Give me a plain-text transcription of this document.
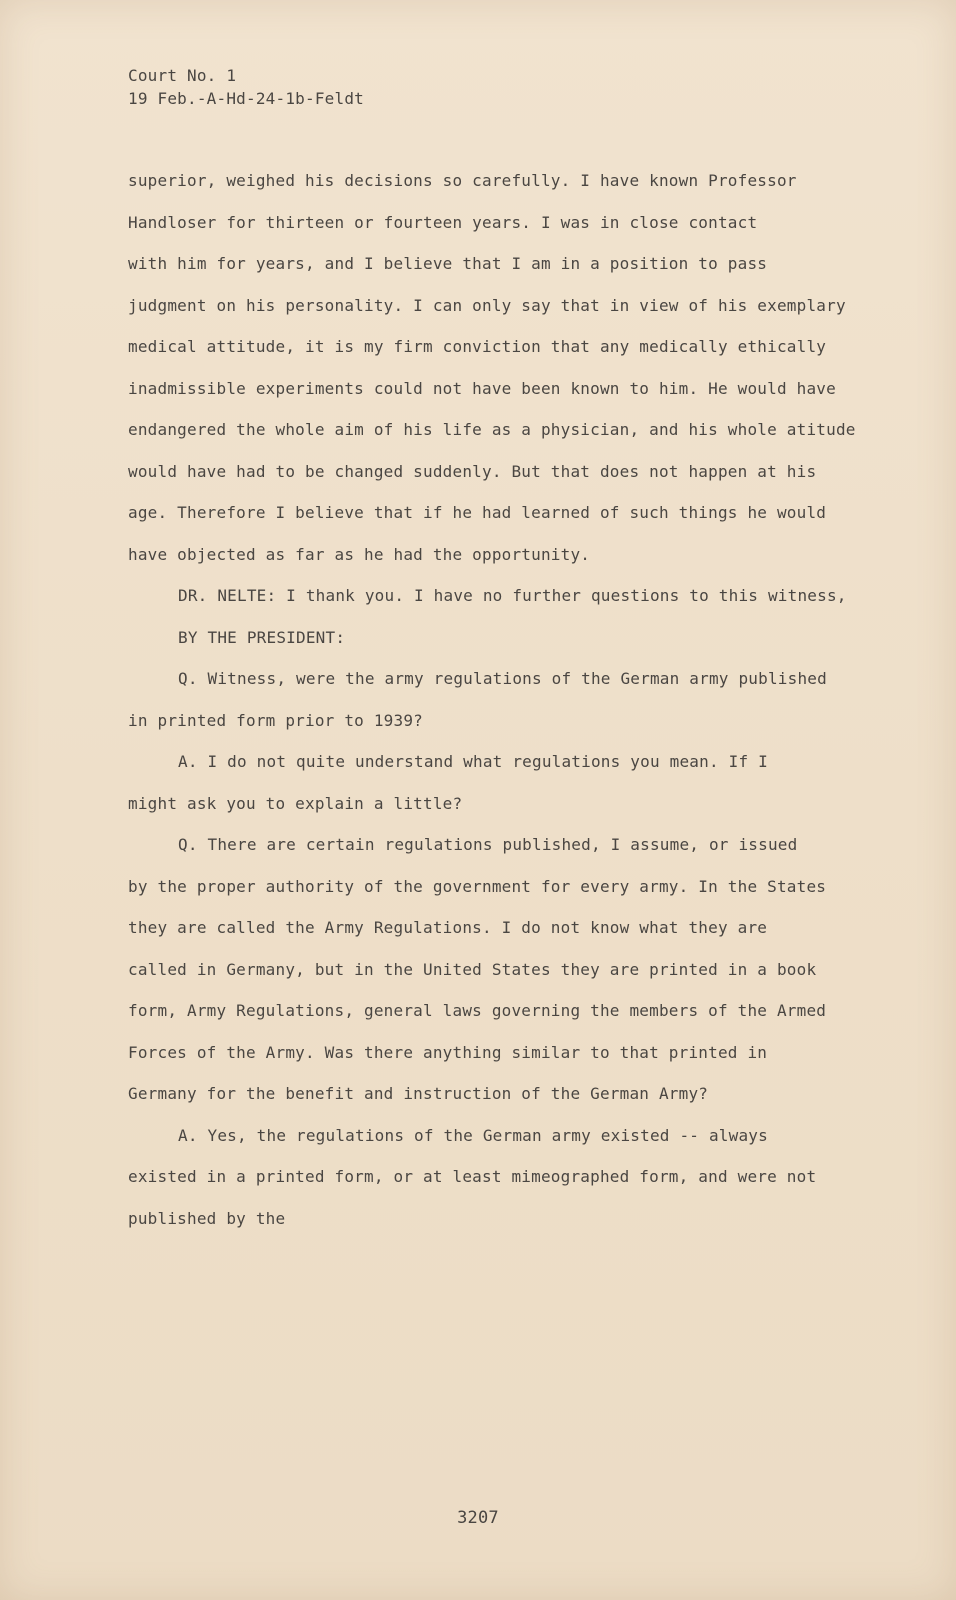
Court No. 1
19 Feb.-A-Hd-24-1b-Feldt
superior, weighed his decisions so carefully. I have known Professor
Handloser for thirteen or fourteen years. I was in close contact
with him for years, and I believe that I am in a position to pass
judgment on his personality. I can only say that in view of his exemplary
medical attitude, it is my firm conviction that any medically ethically
inadmissible experiments could not have been known to him. He would have
endangered the whole aim of his life as a physician, and his whole atitude
would have had to be changed suddenly. But that does not happen at his
age. Therefore I believe that if he had learned of such things he would
have objected as far as he had the opportunity.
DR. NELTE: I thank you. I have no further questions to this witness,
BY THE PRESIDENT:
Q. Witness, were the army regulations of the German army published
in printed form prior to 1939?
A. I do not quite understand what regulations you mean. If I
might ask you to explain a little?
Q. There are certain regulations published, I assume, or issued
by the proper authority of the government for every army. In the States
they are called the Army Regulations. I do not know what they are
called in Germany, but in the United States they are printed in a book
form, Army Regulations, general laws governing the members of the Armed
Forces of the Army. Was there anything similar to that printed in
Germany for the benefit and instruction of the German Army?
A. Yes, the regulations of the German army existed -- always
existed in a printed form, or at least mimeographed form, and were not
published by the
3207
